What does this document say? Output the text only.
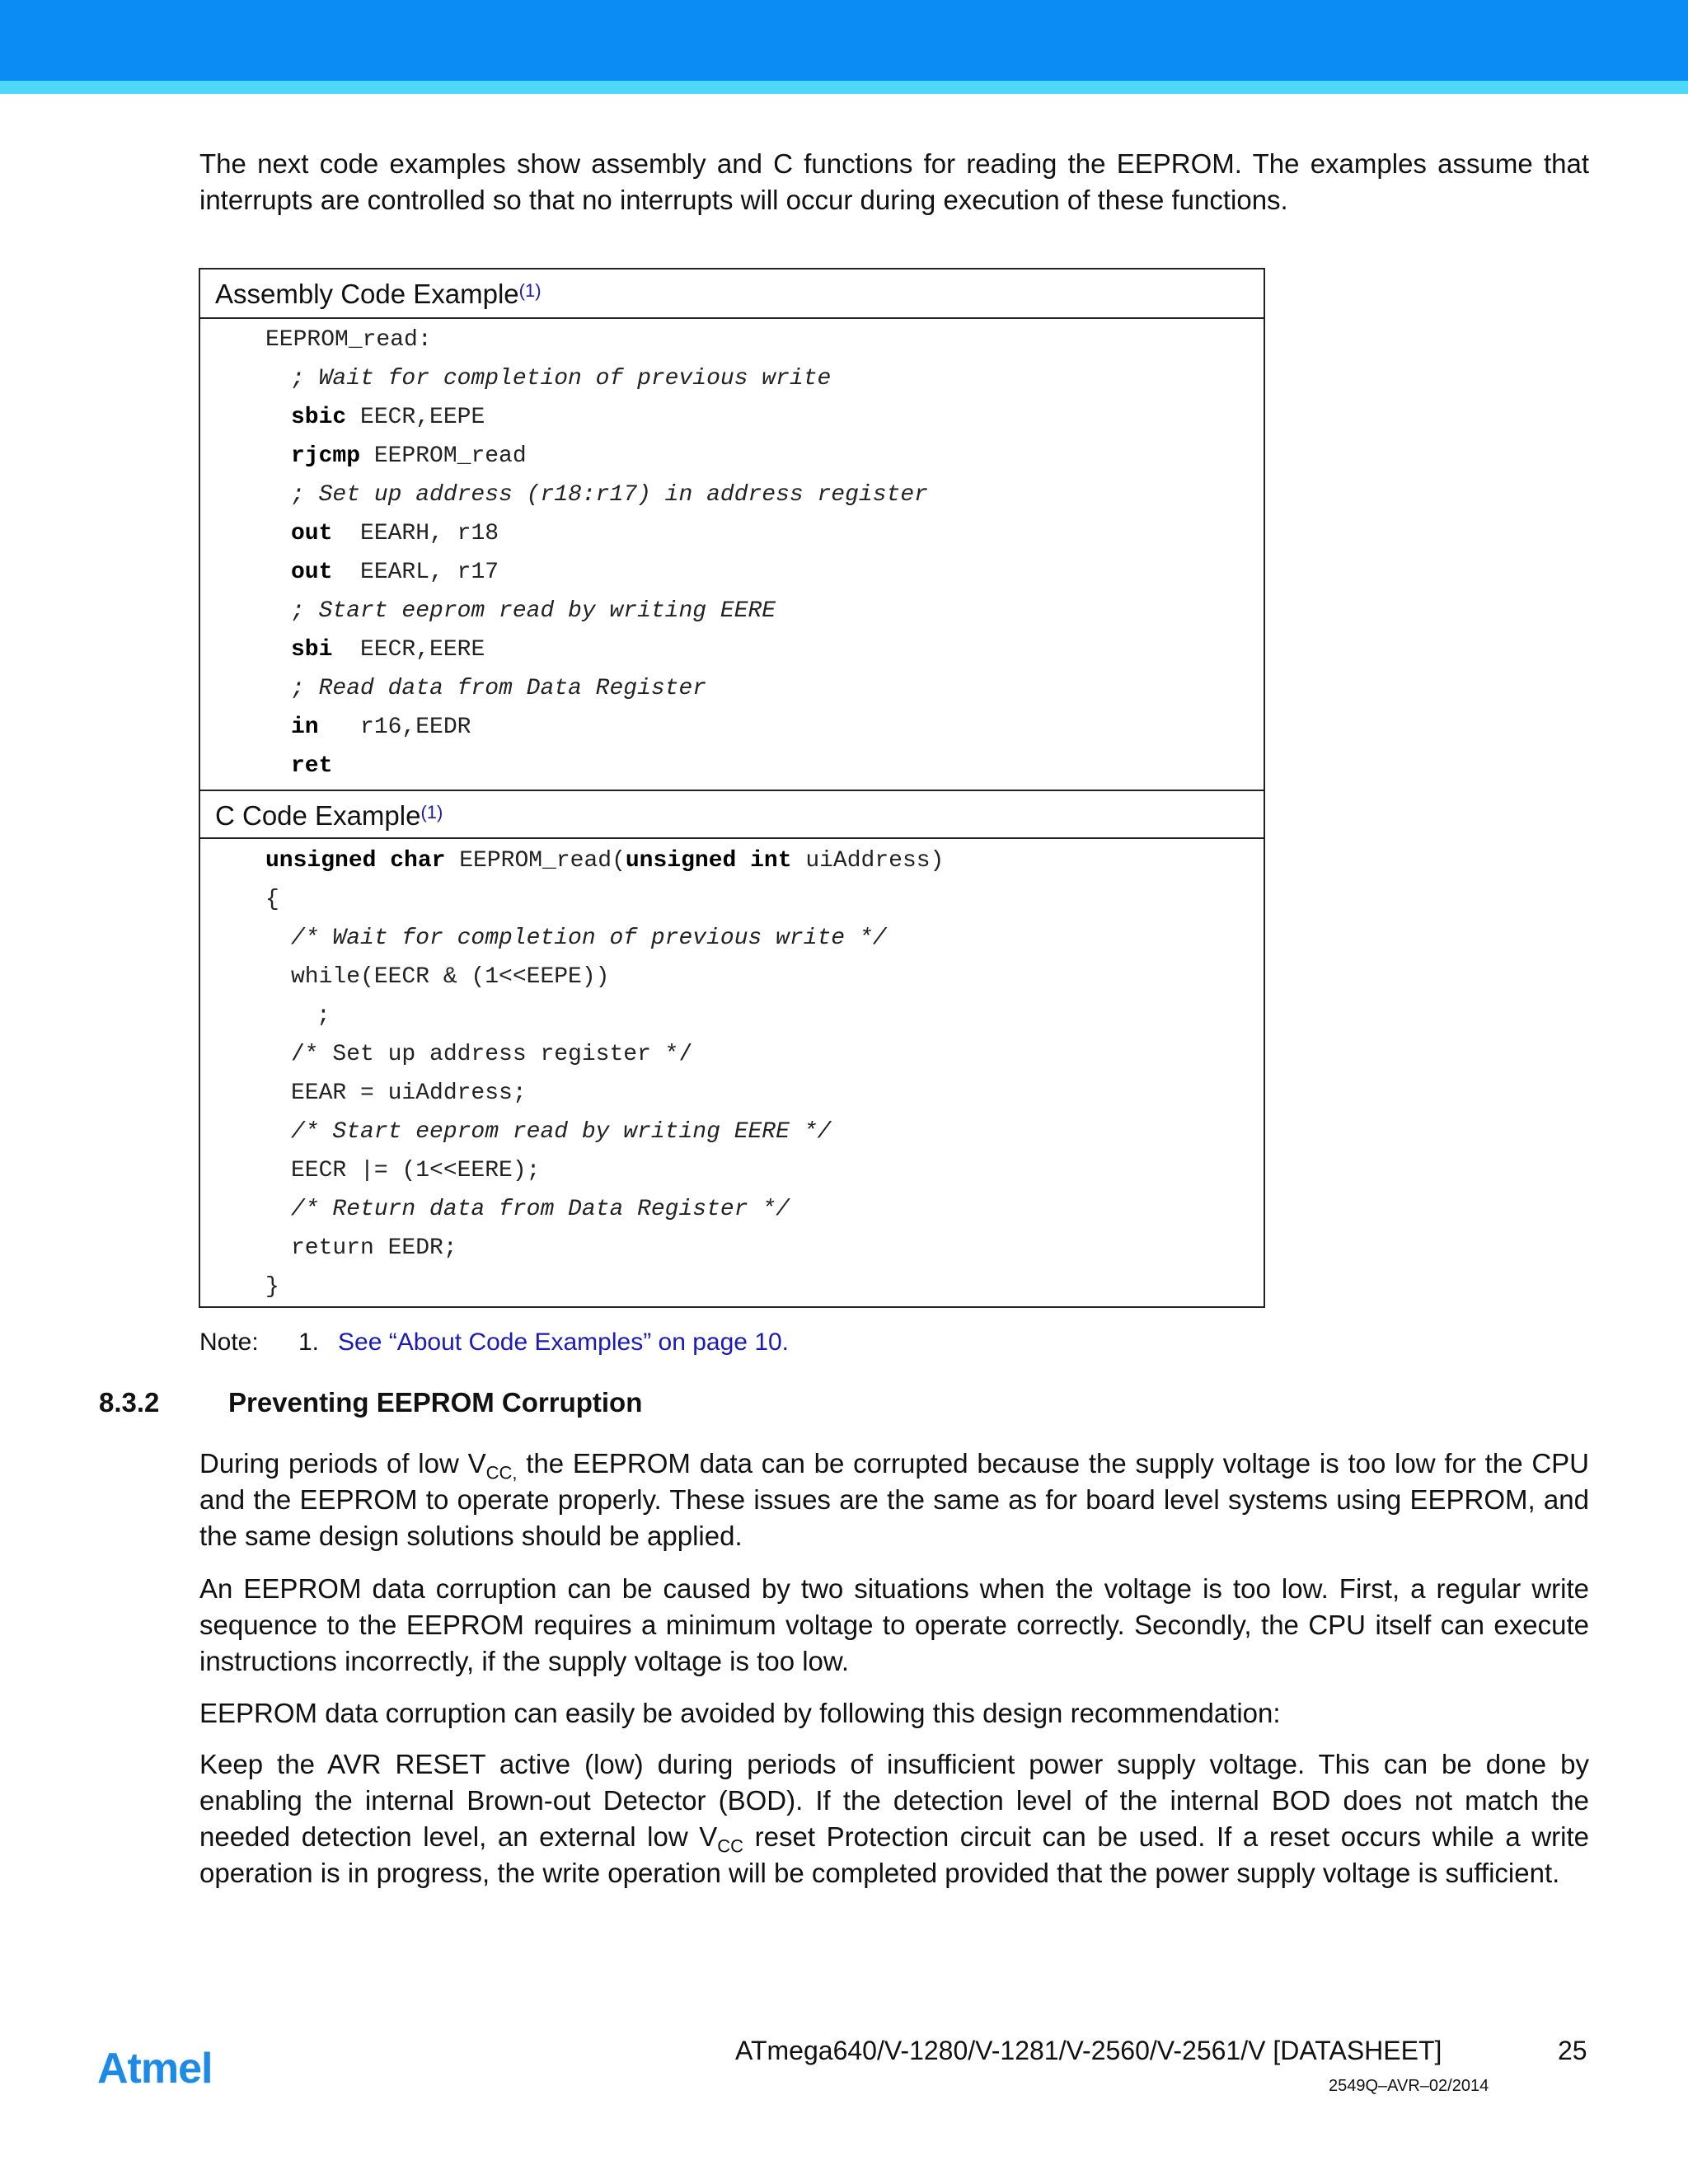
The next code examples show assembly and C functions for reading the EEPROM. The examples assume that interrupts are controlled so that no interrupts will occur during execution of these functions.

Assembly Code Example$^{(1)}$
EEPROM_read:
; Wait for completion of previous write
sbic EECR,EEPE
rjcmp EEPROM_read
; Set up address (r18:r17) in address register
out  EEARH, r18
out  EEARL, r17
; Start eeprom read by writing EERE
sbi  EECR,EERE
; Read data from Data Register
in   r16,EEDR
ret
C Code Example$^{(1)}$
unsigned char EEPROM_read(unsigned int uiAddress)
{
/* Wait for completion of previous write */
while(EECR & (1<<EEPE))
;
/* Set up address register */
EEAR = uiAddress;
/* Start eeprom read by writing EERE */
EECR |= (1<<EERE);
/* Return data from Data Register */
return EEDR;
}
Note: 1. See “About Code Examples” on page 10.
8.3.2	Preventing EEPROM Corruption

During periods of low $V_{CC,}$ the EEPROM data can be corrupted because the supply voltage is too low for the CPU and the EEPROM to operate properly. These issues are the same as for board level systems using EEPROM, and the same design solutions should be applied.

An EEPROM data corruption can be caused by two situations when the voltage is too low. First, a regular write sequence to the EEPROM requires a minimum voltage to operate correctly. Secondly, the CPU itself can execute instructions incorrectly, if the supply voltage is too low.

EEPROM data corruption can easily be avoided by following this design recommendation:

Keep the AVR RESET active (low) during periods of insufficient power supply voltage. This can be done by enabling the internal Brown-out Detector (BOD). If the detection level of the internal BOD does not match the needed detection level, an external low $V_{CC}$ reset Protection circuit can be used. If a reset occurs while a write operation is in progress, the write operation will be completed provided that the power supply voltage is sufficient.

Atmel	ATmega640/V-1280/V-1281/V-2560/V-2561/V [DATASHEET]	25
2549Q–AVR–02/2014
